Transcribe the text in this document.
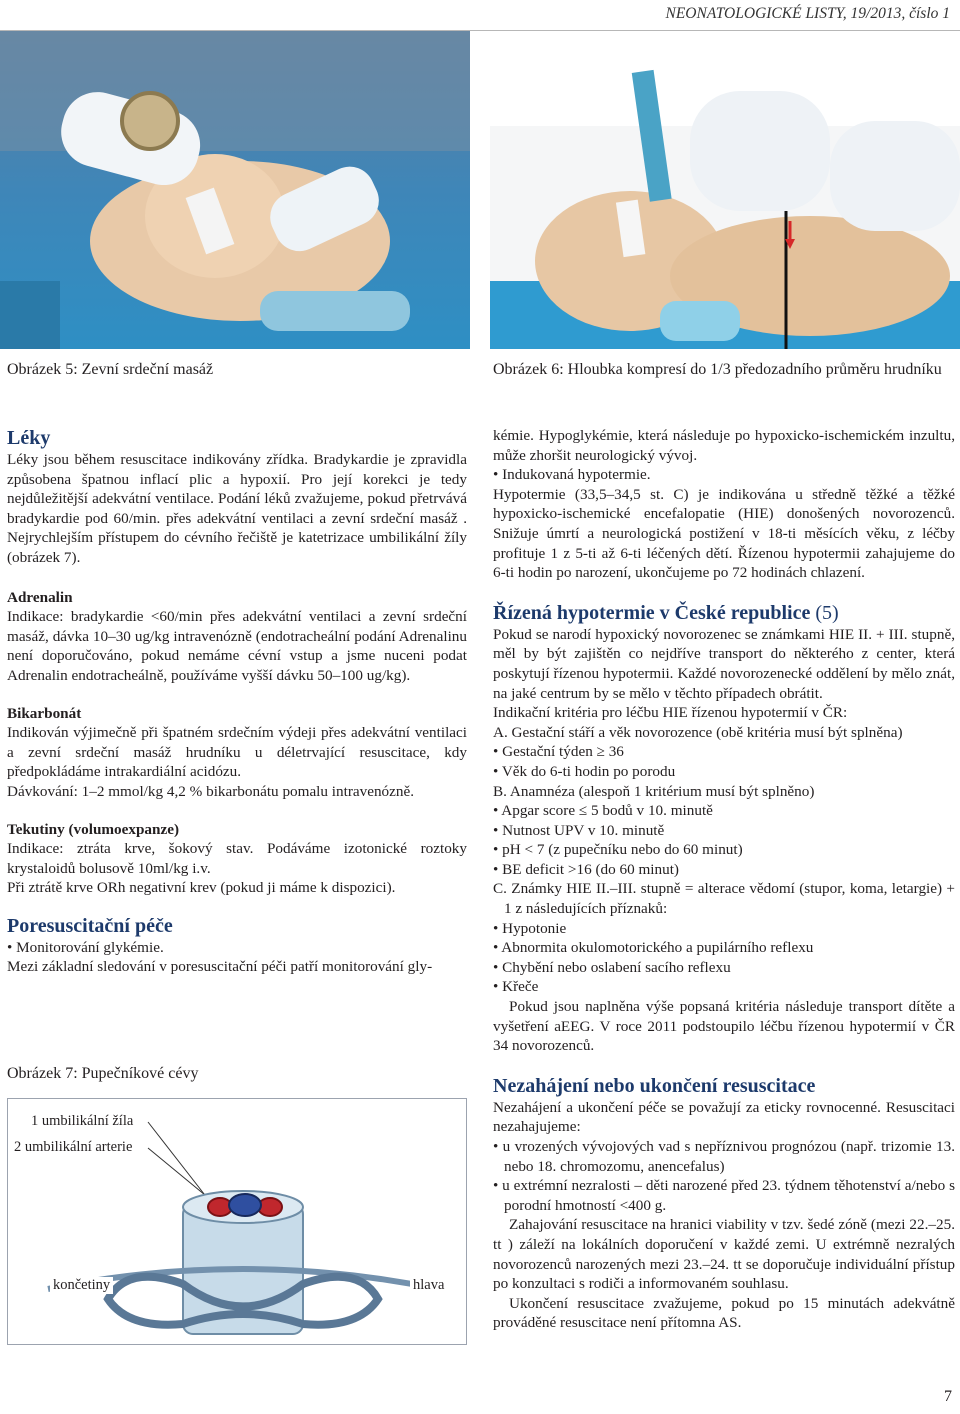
NEONATOLOGICKÉ LISTY, 19/2013, číslo 1
Obrázek 5: Zevní srdeční masáž	Obrázek 6: Hloubka kompresí do 1/3 předozadního průměru hrudníku

Léky

Léky jsou během resuscitace indikovány zřídka. Bradykardie je zpravidla způsobena špatnou inflací plic a hypoxií. Pro její korekci je tedy nejdůležitější adekvátní ventilace. Podání léků zvažujeme, pokud přetrvává bradykardie pod 60/min. přes adekvátní ventilaci a zevní srdeční masáž . Nejrychlejším přístupem do cévního řečiště je katetrizace umbilikální žíly (obrázek 7).

Adrenalin

Indikace: bradykardie <60/min přes adekvátní ventilaci a zevní srdeční masáž, dávka 10–30 ug/kg intravenózně (endotracheální podání Adrenalinu není doporučováno, pokud nemáme cévní vstup a jsme nuceni podat Adrenalin endotracheálně, používáme vyšší dávku 50–100 ug/kg).

Bikarbonát

Indikován výjimečně při špatném srdečním výdeji přes adekvátní ventilaci a zevní srdeční masáž hrudníku u déletrvající resuscitace, kdy předpokládáme intrakardiální acidózu.

Dávkování: 1–2 mmol/kg 4,2 % bikarbonátu pomalu intravenózně.

Tekutiny (volumoexpanze)

Indikace: ztráta krve, šokový stav. Podáváme izotonické roztoky krystaloidů bolusově 10ml/kg i.v.

Při ztrátě krve ORh negativní krev (pokud ji máme k dispozici).

Poresuscitační péče

• Monitorování glykémie.

Mezi základní sledování v poresuscitační péči patří monitorování gly-

Obrázek 7: Pupečníkové cévy
1 umbilikální žíla
2 umbilikální arterie
končetiny	hlava

kémie. Hypoglykémie, která následuje po hypoxicko-ischemickém inzultu, může zhoršit neurologický vývoj.

• Indukovaná hypotermie.

Hypotermie (33,5–34,5 st. C) je indikována u středně těžké a těžké hypoxicko-ischemické encefalopatie (HIE) donošených novorozenců. Snižuje úmrtí a neurologická postižení v 18-ti měsících věku, z léčby profituje 1 z 5-ti až 6-ti léčených dětí. Řízenou hypotermii zahajujeme do 6-ti hodin po narození, ukončujeme po 72 hodinách chlazení.

Řízená hypotermie v České republice (5)

Pokud se narodí hypoxický novorozenec se známkami HIE II. + III. stupně, měl by být zajištěn co nejdříve transport do některého z center, která poskytují řízenou hypotermii. Každé novorozenecké oddělení by mělo znát, na jaké centrum by se mělo v těchto případech obrátit.

Indikační kritéria pro léčbu HIE řízenou hypotermií v ČR:

A. Gestační stáří a věk novorozence (obě kritéria musí být splněna)

• Gestační týden ≥ 36

• Věk do 6-ti hodin po porodu

B. Anamnéza (alespoň 1 kritérium musí být splněno)

• Apgar score ≤ 5 bodů v 10. minutě

• Nutnost UPV v 10. minutě

• pH < 7 (z pupečníku nebo do 60 minut)

• BE deficit >16 (do 60 minut)

C. Známky HIE II.–III. stupně = alterace vědomí (stupor, koma, letargie) + 1 z následujících příznaků:

• Hypotonie

• Abnormita okulomotorického a pupilárního reflexu

• Chybění nebo oslabení sacího reflexu

• Křeče

Pokud jsou naplněna výše popsaná kritéria následuje transport dítěte a vyšetření aEEG. V roce 2011 podstoupilo léčbu řízenou hypotermií v ČR 34 novorozenců.

Nezahájení nebo ukončení resuscitace

Nezahájení a ukončení péče se považují za eticky rovnocenné. Resuscitaci nezahajujeme:

• u vrozených vývojových vad s nepříznivou prognózou (např. trizomie 13. nebo 18. chromozomu, anencefalus)

• u extrémní nezralosti – děti narozené před 23. týdnem těhotenství a/nebo s porodní hmotností <400 g.

Zahajování resuscitace na hranici viability v tzv. šedé zóně (mezi 22.–25. tt ) záleží na lokálních doporučení v každé zemi. U extrémně nezralých novorozenců narozených mezi 23.–24. tt se doporučuje individuální přístup po konzultaci s rodiči a informovaném souhlasu.

Ukončení resuscitace zvažujeme, pokud po 15 minutách adekvátně prováděné resuscitace není přítomna AS.

7
